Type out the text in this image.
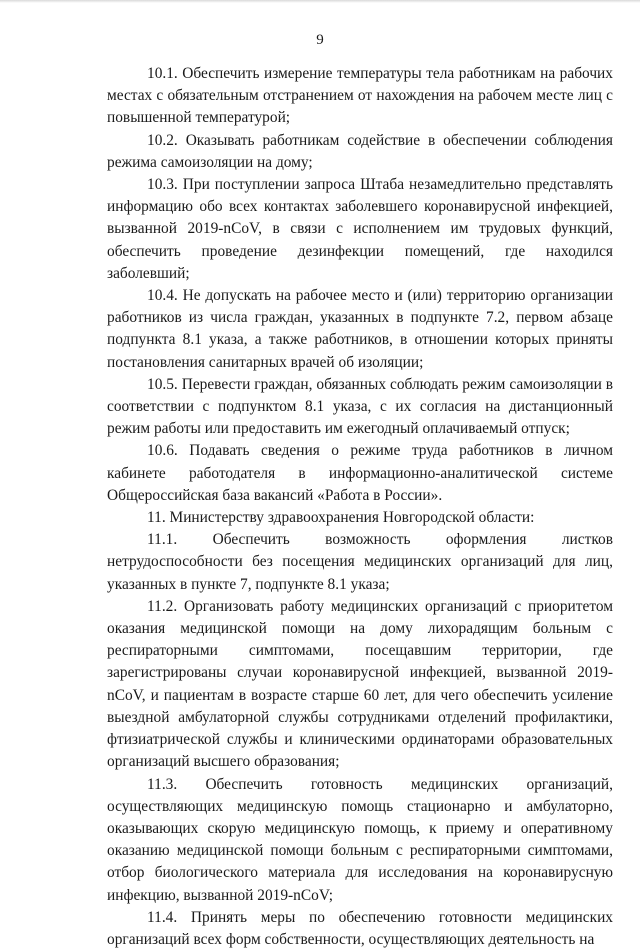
9

10.1. Обеспечить измерение температуры тела работникам на рабочих местах с обязательным отстранением от нахождения на рабочем месте лиц с повышенной температурой;

10.2. Оказывать работникам содействие в обеспечении соблюдения режима самоизоляции на дому;

10.3. При поступлении запроса Штаба незамедлительно представлять информацию обо всех контактах заболевшего коронавирусной инфекцией, вызванной 2019-nCoV, в связи с исполнением им трудовых функций, обеспечить проведение дезинфекции помещений, где находился заболевший;

10.4. Не допускать на рабочее место и (или) территорию организации работников из числа граждан, указанных в подпункте 7.2, первом абзаце подпункта 8.1 указа, а также работников, в отношении которых приняты постановления санитарных врачей об изоляции;

10.5. Перевести граждан, обязанных соблюдать режим самоизоляции в соответствии с подпунктом 8.1 указа, с их согласия на дистанционный режим работы или предоставить им ежегодный оплачиваемый отпуск;

10.6. Подавать сведения о режиме труда работников в личном кабинете работодателя в информационно-аналитической системе Общероссийская база вакансий «Работа в России».

11. Министерству здравоохранения Новгородской области:

11.1. Обеспечить возможность оформления листков нетрудоспособности без посещения медицинских организаций для лиц, указанных в пункте 7, подпункте 8.1 указа;

11.2. Организовать работу медицинских организаций с приоритетом оказания медицинской помощи на дому лихорадящим больным с респираторными симптомами, посещавшим территории, где зарегистрированы случаи коронавирусной инфекцией, вызванной 2019-nCoV, и пациентам в возрасте старше 60 лет, для чего обеспечить усиление выездной амбулаторной службы сотрудниками отделений профилактики, фтизиатрической службы и клиническими ординаторами образовательных организаций высшего образования;

11.3. Обеспечить готовность медицинских организаций, осуществляющих медицинскую помощь стационарно и амбулаторно, оказывающих скорую медицинскую помощь, к приему и оперативному оказанию медицинской помощи больным с респираторными симптомами, отбор биологического материала для исследования на коронавирусную инфекцию, вызванной 2019-nCoV;

11.4. Принять меры по обеспечению готовности медицинских организаций всех форм собственности, осуществляющих деятельность на
